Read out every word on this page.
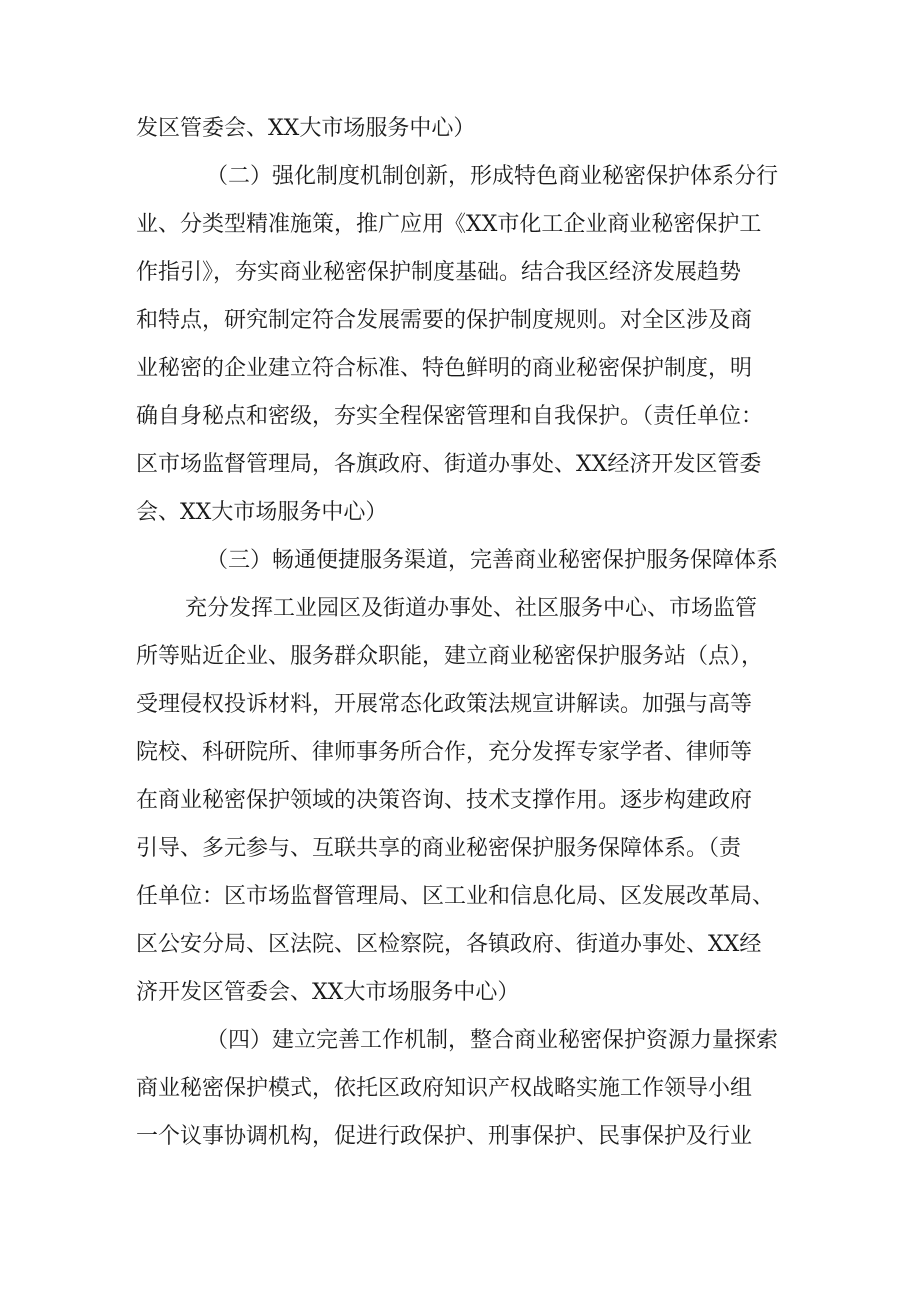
发区管委会、XX大市场服务中心）

（二）强化制度机制创新，形成特色商业秘密保护体系分行

业、分类型精准施策，推广应用《XX市化工企业商业秘密保护工

作指引》，夯实商业秘密保护制度基础。结合我区经济发展趋势

和特点，研究制定符合发展需要的保护制度规则。对全区涉及商

业秘密的企业建立符合标准、特色鲜明的商业秘密保护制度，明

确自身秘点和密级，夯实全程保密管理和自我保护。（责任单位：

区市场监督管理局，各旗政府、街道办事处、XX经济开发区管委

会、XX大市场服务中心）

（三）畅通便捷服务渠道，完善商业秘密保护服务保障体系

充分发挥工业园区及街道办事处、社区服务中心、市场监管

所等贴近企业、服务群众职能，建立商业秘密保护服务站（点），

受理侵权投诉材料，开展常态化政策法规宣讲解读。加强与高等

院校、科研院所、律师事务所合作，充分发挥专家学者、律师等

在商业秘密保护领域的决策咨询、技术支撑作用。逐步构建政府

引导、多元参与、互联共享的商业秘密保护服务保障体系。（责

任单位：区市场监督管理局、区工业和信息化局、区发展改革局、

区公安分局、区法院、区检察院，各镇政府、街道办事处、XX经

济开发区管委会、XX大市场服务中心）

（四）建立完善工作机制，整合商业秘密保护资源力量探索

商业秘密保护模式，依托区政府知识产权战略实施工作领导小组

一个议事协调机构，促进行政保护、刑事保护、民事保护及行业
